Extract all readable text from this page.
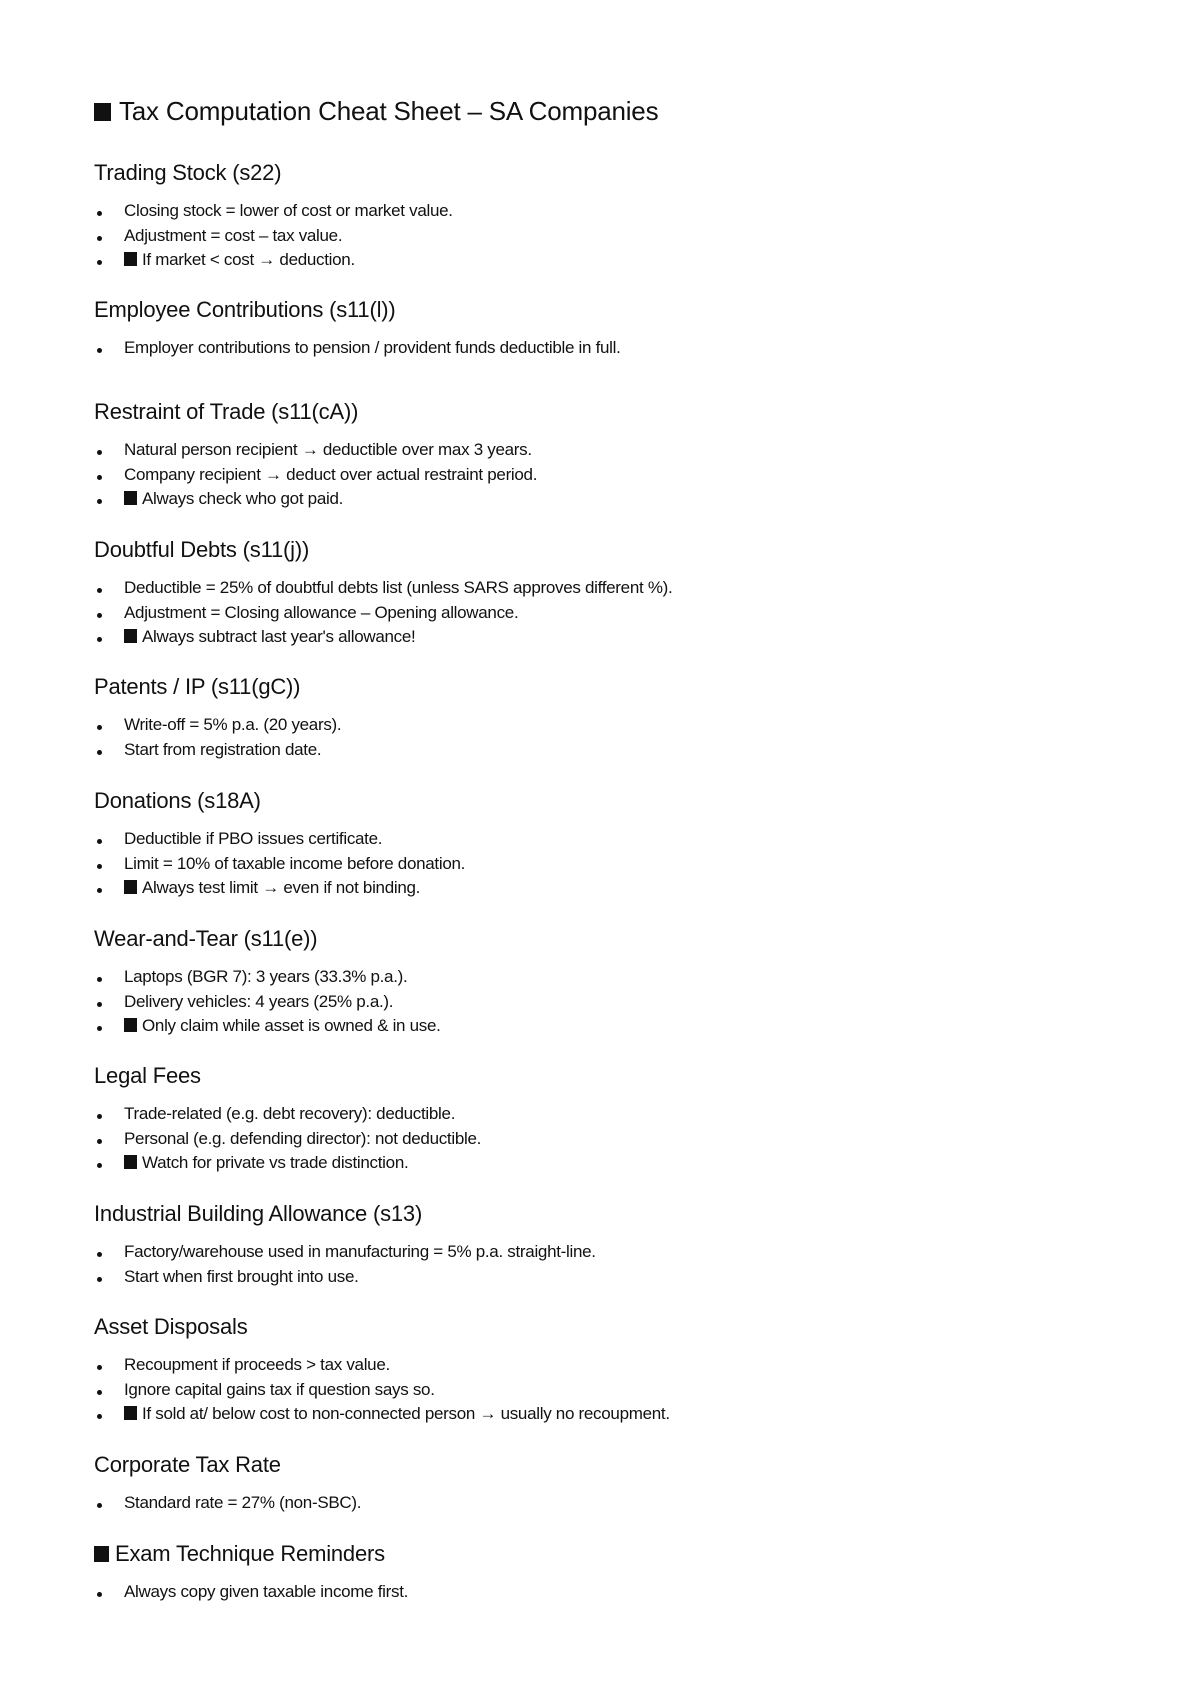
Tax Computation Cheat Sheet – SA Companies
Trading Stock (s22)
Closing stock = lower of cost or market value.
Adjustment = cost – tax value.
If market < cost → deduction.
Employee Contributions (s11(l))
Employer contributions to pension / provident funds deductible in full.
Restraint of Trade (s11(cA))
Natural person recipient → deductible over max 3 years.
Company recipient → deduct over actual restraint period.
Always check who got paid.
Doubtful Debts (s11(j))
Deductible = 25% of doubtful debts list (unless SARS approves different %).
Adjustment = Closing allowance – Opening allowance.
Always subtract last year's allowance!
Patents / IP (s11(gC))
Write-off = 5% p.a. (20 years).
Start from registration date.
Donations (s18A)
Deductible if PBO issues certificate.
Limit = 10% of taxable income before donation.
Always test limit → even if not binding.
Wear-and-Tear (s11(e))
Laptops (BGR 7): 3 years (33.3% p.a.).
Delivery vehicles: 4 years (25% p.a.).
Only claim while asset is owned & in use.
Legal Fees
Trade-related (e.g. debt recovery): deductible.
Personal (e.g. defending director): not deductible.
Watch for private vs trade distinction.
Industrial Building Allowance (s13)
Factory/warehouse used in manufacturing = 5% p.a. straight-line.
Start when first brought into use.
Asset Disposals
Recoupment if proceeds > tax value.
Ignore capital gains tax if question says so.
If sold at/ below cost to non-connected person → usually no recoupment.
Corporate Tax Rate
Standard rate = 27% (non-SBC).
Exam Technique Reminders
Always copy given taxable income first.
